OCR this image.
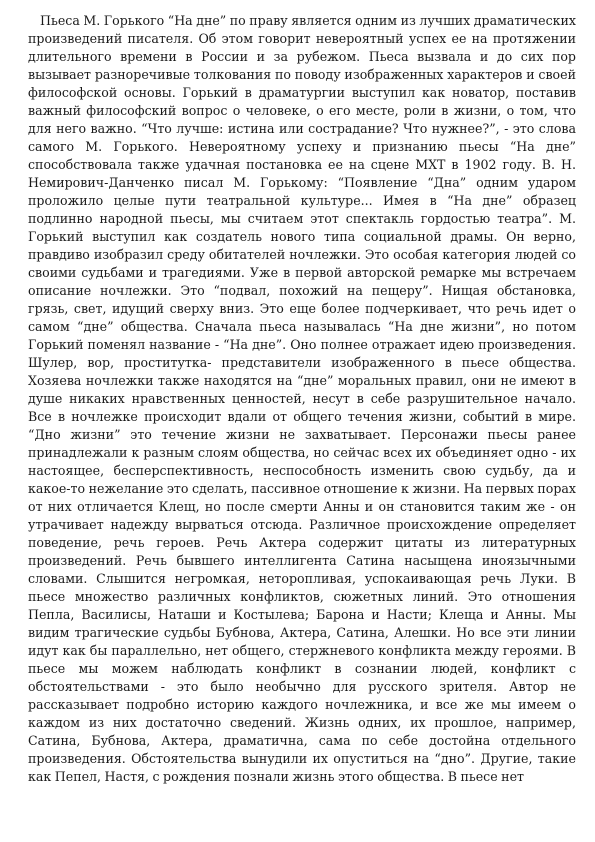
Пьеса М. Горького “На дне” по праву является одним из лучших драматических произведений писателя. Об этом говорит невероятный успех ее на протяжении длительного времени в России и за рубежом. Пьеса вызвала и до сих пор вызывает разноречивые толкования по поводу изображенных характеров и своей философской основы. Горький в драматургии выступил как новатор, поставив важный философский вопрос о человеке, о его месте, роли в жизни, о том, что для него важно. “Что лучше: истина или сострадание? Что нужнее?”, - это слова самого М. Горького. Невероятному успеху и признанию пьесы “На дне” способствовала также удачная постановка ее на сцене МХТ в 1902 году. В. Н. Немирович-Данченко писал М. Горькому: “Появление “Дна” одним ударом проложило целые пути театральной культуре... Имея в “На дне” образец подлинно народной пьесы, мы считаем этот спектакль гордостью театра”. М. Горький выступил как создатель нового типа социальной драмы. Он верно, правдиво изобразил среду обитателей ночлежки. Это особая категория людей со своими судьбами и трагедиями. Уже в первой авторской ремарке мы встречаем описание ночлежки. Это “подвал, похожий на пещеру”. Нищая обстановка, грязь, свет, идущий сверху вниз. Это еще более подчеркивает, что речь идет о самом “дне” общества. Сначала пьеса называлась “На дне жизни”, но потом Горький поменял название - “На дне”. Оно полнее отражает идею произведения. Шулер, вор, проститутка- представители изображенного в пьесе общества. Хозяева ночлежки также находятся на “дне” моральных правил, они не имеют в душе никаких нравственных ценностей, несут в себе разрушительное начало. Все в ночлежке происходит вдали от общего течения жизни, событий в мире. “Дно жизни” это течение жизни не захватывает. Персонажи пьесы ранее принадлежали к разным слоям общества, но сейчас всех их объединяет одно - их настоящее, бесперспективность, неспособность изменить свою судьбу, да и какое-то нежелание это сделать, пассивное отношение к жизни. На первых порах от них отличается Клещ, но после смерти Анны и он становится таким же - он утрачивает надежду вырваться отсюда. Различное происхождение определяет поведение, речь героев. Речь Актера содержит цитаты из литературных произведений. Речь бывшего интеллигента Сатина насыщена иноязычными словами. Слышится негромкая, неторопливая, успокаивающая речь Луки. В пьесе множество различных конфликтов, сюжетных линий. Это отношения Пепла, Василисы, Наташи и Костылева; Барона и Насти; Клеща и Анны. Мы видим трагические судьбы Бубнова, Актера, Сатина, Алешки. Но все эти линии идут как бы параллельно, нет общего, стержневого конфликта между героями. В пьесе мы можем наблюдать конфликт в сознании людей, конфликт с обстоятельствами - это было необычно для русского зрителя. Автор не рассказывает подробно историю каждого ночлежника, и все же мы имеем о каждом из них достаточно сведений. Жизнь одних, их прошлое, например, Сатина, Бубнова, Актера, драматична, сама по себе достойна отдельного произведения. Обстоятельства вынудили их опуститься на “дно”. Другие, такие как Пепел, Настя, с рождения познали жизнь этого общества. В пьесе нет
